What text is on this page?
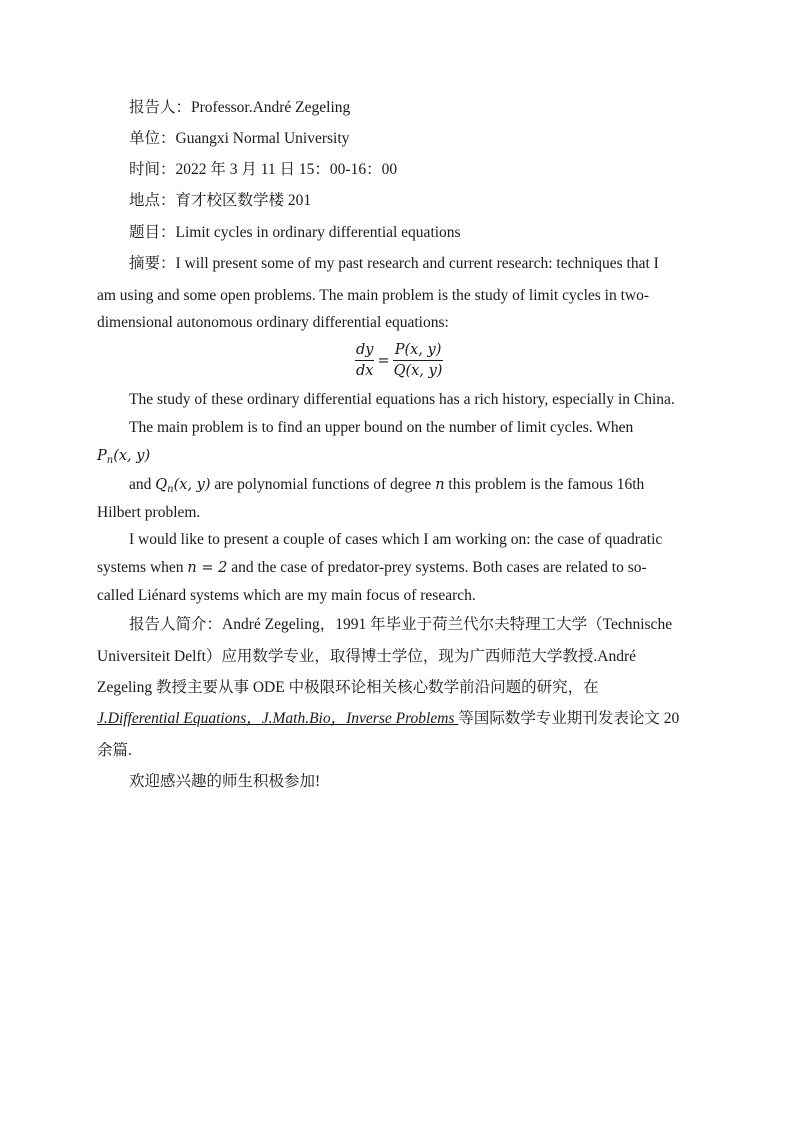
报告人：Professor.André Zegeling
单位：Guangxi Normal University
时间：2022 年 3 月 11 日 15：00-16：00
地点：育才校区数学楼 201
题目：Limit cycles in ordinary differential equations
摘要：I will present some of my past research and current research: techniques that I
am using and some open problems. The main problem is the study of limit cycles in two-
dimensional autonomous ordinary differential equations:
$\frac{dy}{dx} = \frac{P(x, y)}{Q(x, y)}$
The study of these ordinary differential equations has a rich history, especially in China.
The main problem is to find an upper bound on the number of limit cycles. When
$P_n(x$, y)
and $Q_n(x$, y) are polynomial functions of degree n this problem is the famous 16th
Hilbert problem.
I would like to present a couple of cases which I am working on: the case of quadratic
systems when n = 2 and the case of predator-prey systems. Both cases are related to so-
called Liénard systems which are my main focus of research.
报告人简介：André Zegeling，1991 年毕业于荷兰代尔夫特理工大学（Technische
Universiteit Delft）应用数学专业，取得博士学位，现为广西师范大学教授.André
Zegeling 教授主要从事 ODE 中极限环论相关核心数学前沿问题的研究，在
J.Differential Equations，J.Math.Bio，Inverse Problems 等国际数学专业期刊发表论文 20
余篇.
欢迎感兴趣的师生积极参加!
